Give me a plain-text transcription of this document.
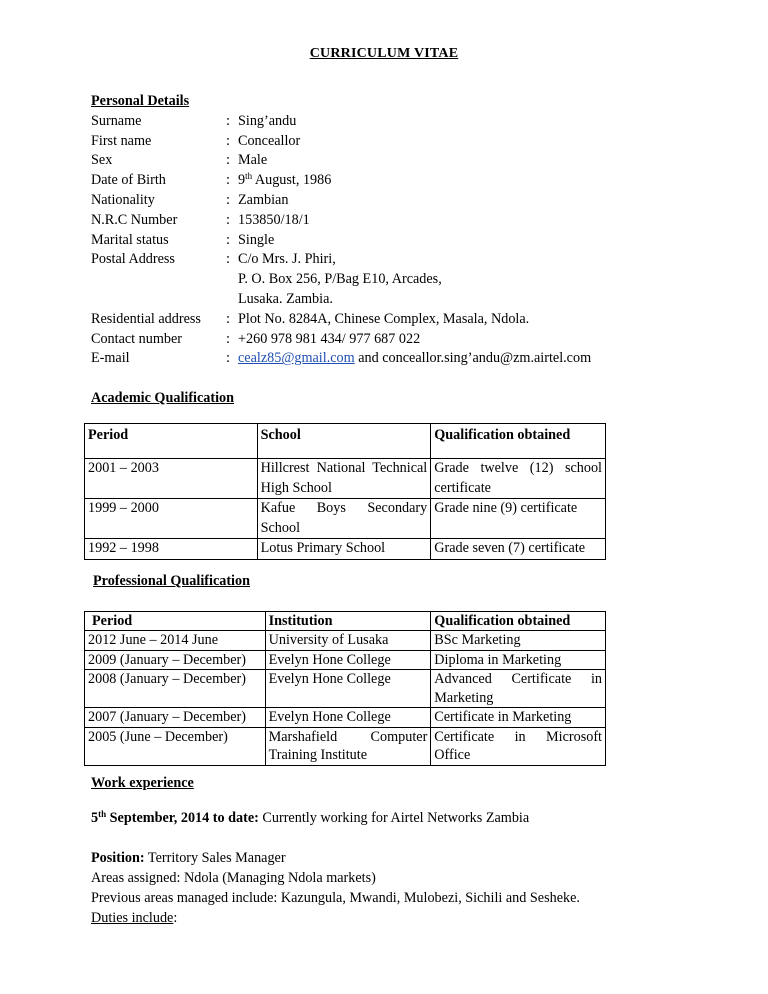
CURRICULUM VITAE
Personal Details
Surname	: Sing’andu
First name	: Conceallor
Sex	: Male
Date of Birth	: 9th August, 1986
Nationality	: Zambian
N.R.C Number	: 153850/18/1
Marital status	: Single
Postal Address	: C/o Mrs. J. Phiri,
P. O. Box 256, P/Bag E10, Arcades,
Lusaka. Zambia.
Residential address : Plot No. 8284A, Chinese Complex, Masala, Ndola.
Contact number	: +260 978 981 434/ 977 687 022
E-mail	: cealz85@gmail.com and conceallor.sing’andu@zm.airtel.com
Academic Qualification
Period	School	Qualification obtained
2001 – 2003	Hillcrest National Technical High School	Grade twelve (12) school certificate
1999 – 2000	Kafue Boys Secondary School	Grade nine (9) certificate
1992 – 1998	Lotus Primary School	Grade seven (7) certificate
Professional Qualification
Period	Institution	Qualification obtained
2012 June – 2014 June	University of Lusaka	BSc Marketing
2009 (January – December)	Evelyn Hone College	Diploma in Marketing
2008 (January – December)	Evelyn Hone College	Advanced Certificate in Marketing
2007 (January – December)	Evelyn Hone College	Certificate in Marketing
2005 (June – December)	Marshafield Computer Training Institute	Certificate in Microsoft Office
Work experience
5th September, 2014 to date: Currently working for Airtel Networks Zambia
Position: Territory Sales Manager
Areas assigned: Ndola (Managing Ndola markets)
Previous areas managed include: Kazungula, Mwandi, Mulobezi, Sichili and Sesheke.
Duties include:
